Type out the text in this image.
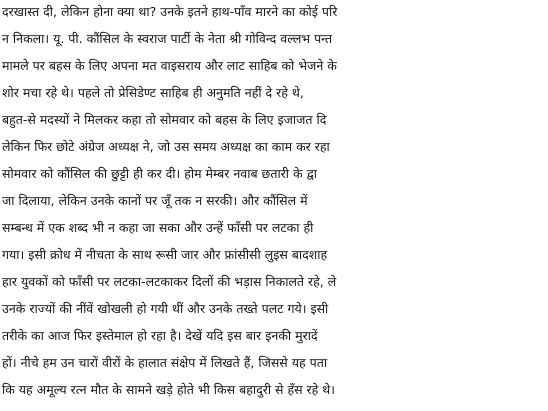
दरखास्त दी, लेकिन होना क्या था? उनके इतने हाथ-पाँव मारने का कोई परि
न निकला। यू. पी. कौंसिल के स्वराज पार्टी के नेता श्री गोविन्द वल्लभ पन्त
मामले पर बहस के लिए अपना मत वाइसराय और लाट साहिब को भेजने के
शोर मचा रहे थे। पहले तो प्रेसिडेण्ट साहिब ही अनुमति नहीं दे रहे थे,
बहुत-से मदस्यों ने मिलकर कहा तो सोमवार को बहस के लिए इजाजत दि
लेकिन फिर छोटे अंग्रेज अध्यक्ष ने, जो उस समय अध्यक्ष का काम कर रहा
सोमवार को कौंसिल की छुट्टी ही कर दी। होम मेम्बर नवाब छतारी के द्वा
जा दिलाया, लेकिन उनके कानों पर जूँ तक न सरकी। और कौंसिल में
सम्बन्ध में एक शब्द भी न कहा जा सका और उन्हें फाँसी पर लटका ही
गया। इसी क्रोध में नीचता के साथ रूसी जार और फ्रांसीसी लुइस बादशाह
हार युवकों को फाँसी पर लटका-लटकाकर दिलों की भड़ास निकालते रहे, ले
उनके राज्यों की नींवें खोखली हो गयी थीं और उनके तख्ते पलट गये। इसी
तरीके का आज फिर इस्तेमाल हो रहा है। देखें यदि इस बार इनकी मुरादें
हों। नीचे हम उन चारों वीरों के हालात संक्षेप में लिखते हैं, जिससे यह पता
कि यह अमूल्य रत्न मौत के सामने खड़े होते भी किस बहादुरी से हँस रहे थे।
